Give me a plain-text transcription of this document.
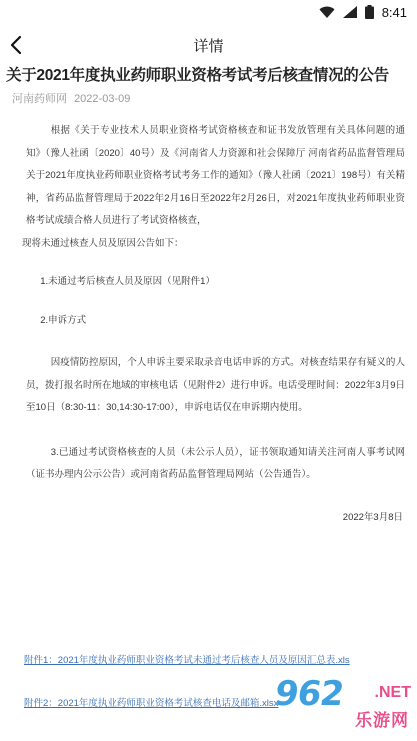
8:41
详情
关于2021年度执业药师职业资格考试考后核查情况的公告
河南药师网 2022-03-09

根据《关于专业技术人员职业资格考试资格核查和证书发放管理有关具体问题的通知》（豫人社函〔2020〕40号）及《河南省人力资源和社会保障厅 河南省药品监督管理局关于2021年度执业药师职业资格考试考务工作的通知》（豫人社函〔2021〕198号）有关精神，省药品监督管理局于2022年2月16日至2022年2月26日，对2021年度执业药师职业资格考试成绩合格人员进行了考试资格核查，

现将未通过核查人员及原因公告如下：

1.未通过考后核查人员及原因（见附件1）

2.申诉方式

因疫情防控原因，个人申诉主要采取录音电话申诉的方式。对核查结果存有疑义的人员，拨打报名时所在地域的审核电话（见附件2）进行申诉。电话受理时间：2022年3月9日至10日（8:30-11：30,14:30-17:00），申诉电话仅在申诉期内使用。

3.已通过考试资格核查的人员（未公示人员），证书领取通知请关注河南人事考试网（证书办理内公示公告）或河南省药品监督管理局网站（公告通告）。

2022年3月8日

附件1：2021年度执业药师职业资格考试未通过考后核查人员及原因汇总表.xls
附件2：2021年度执业药师职业资格考试核查电话及邮箱.xlsx
962 .NET
乐游网
